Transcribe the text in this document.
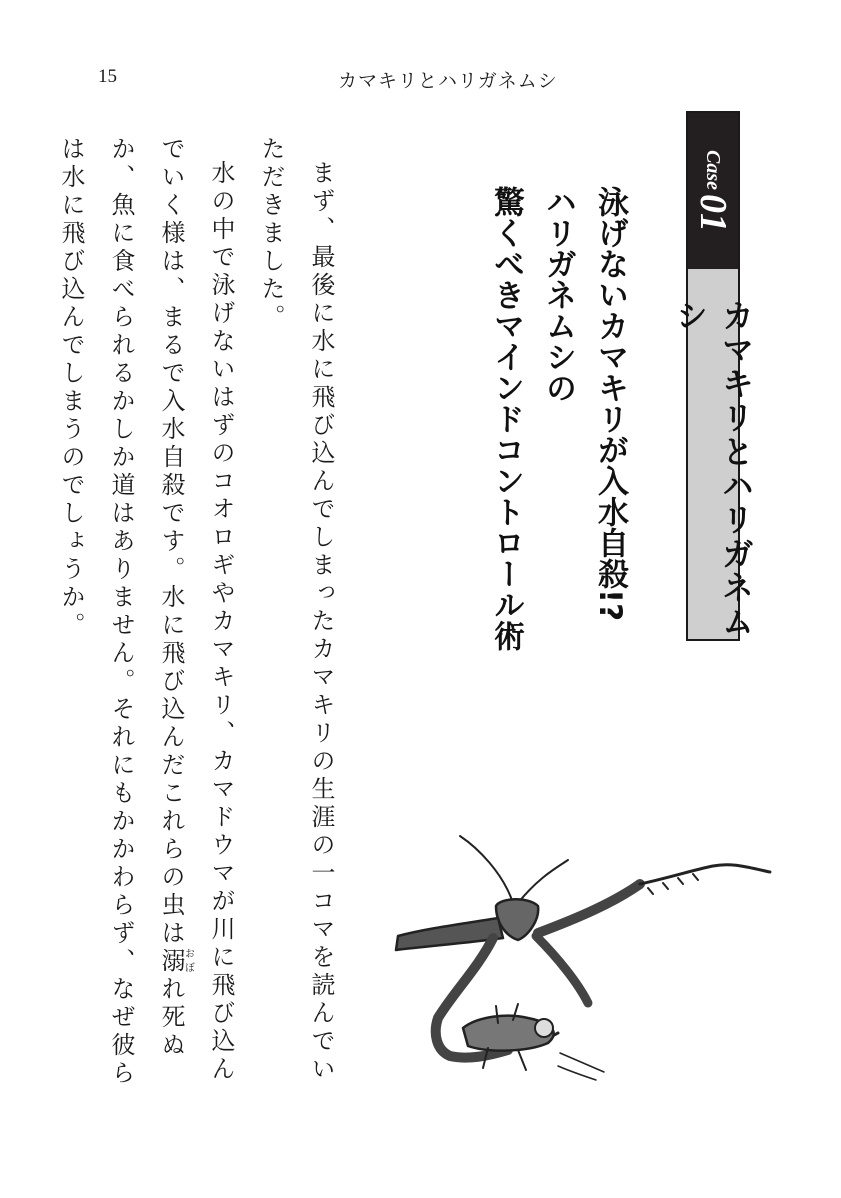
15	カマキリとハリガネムシ
Case 01
カマキリとハリガネムシ
泳げないカマキリが入水自殺!?
ハリガネムシの
驚くべきマインドコントロール術

まず、最後に水に飛び込んでしまったカマキリの生涯の一コマを読んでいただきました。

水の中で泳げないはずのコオロギやカマキリ、カマドウマが川に飛び込んでいく様は、まるで入水自殺です。水に飛び込んだこれらの虫は溺おぼれ死ぬか、魚に食べられるかしか道はありません。それにもかかわらず、なぜ彼らは水に飛び込んでしまうのでしょうか。
